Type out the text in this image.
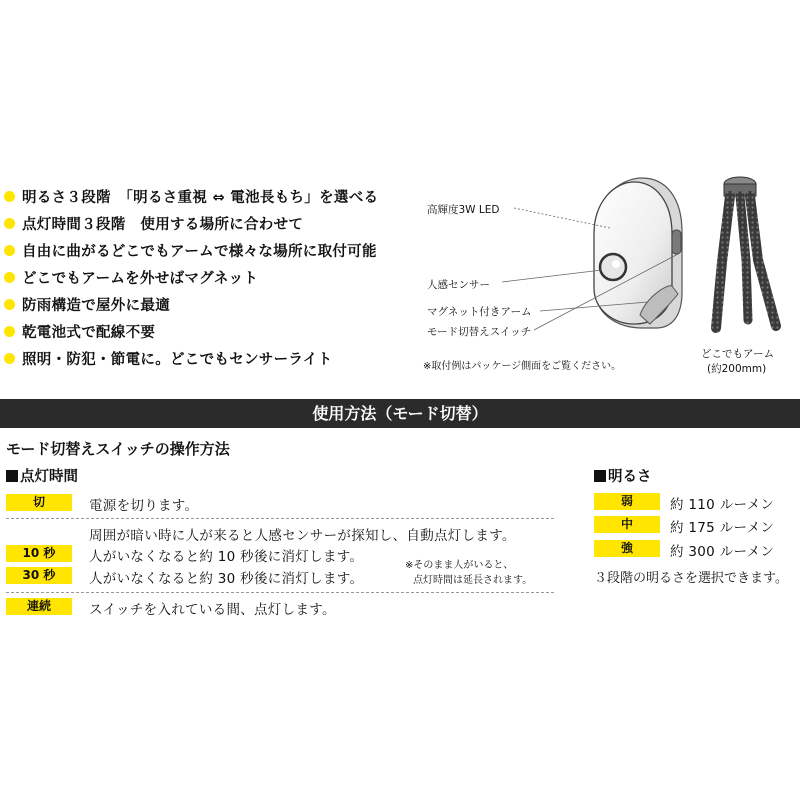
明るさ３段階　「明るさ重視 ⇔ 電池長もち」を選べる
点灯時間３段階　使用する場所に合わせて
自由に曲がるどこでもアームで様々な場所に取付可能
どこでもアームを外せばマグネット
防雨構造で屋外に最適
乾電池式で配線不要
照明・防犯・節電に。どこでもセンサーライト
高輝度3W LED
人感センサー
マグネット付きアーム
モード切替えスイッチ
※取付例はパッケージ側面をご覧ください。
どこでもアーム
(約200mm)
使用方法（モード切替）
モード切替えスイッチの操作方法
点灯時間
切	電源を切ります。
周囲が暗い時に人が来ると人感センサーが探知し、自動点灯します。
10 秒	人がいなくなると約 10 秒後に消灯します。
30 秒	人がいなくなると約 30 秒後に消灯します。
※そのまま人がいると、
点灯時間は延長されます。
連続	スイッチを入れている間、点灯します。
明るさ
弱	約 110 ルーメン
中	約 175 ルーメン
強	約 300 ルーメン
３段階の明るさを選択できます。
